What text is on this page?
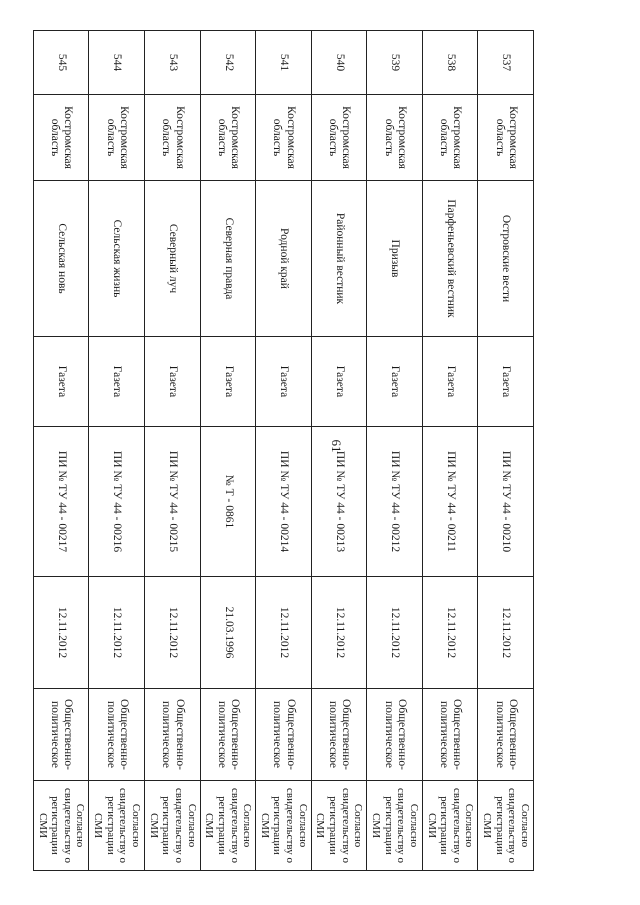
61
537	Костромская область	Островские вести	Газета	ПИ № ТУ 44 - 00210	12.11.2012	Общественно-политическое	Согласно свидетельству о регистрации СМИ
538	Костромская область	Парфеньевский вестник	Газета	ПИ № ТУ 44 - 00211	12.11.2012	Общественно-политическое	Согласно свидетельству о регистрации СМИ
539	Костромская область	Призыв	Газета	ПИ № ТУ 44 - 00212	12.11.2012	Общественно-политическое	Согласно свидетельству о регистрации СМИ
540	Костромская область	Районный вестник	Газета	ПИ № ТУ 44 - 00213	12.11.2012	Общественно-политическое	Согласно свидетельству о регистрации СМИ
541	Костромская область	Родной край	Газета	ПИ № ТУ 44 - 00214	12.11.2012	Общественно-политическое	Согласно свидетельству о регистрации СМИ
542	Костромская область	Северная правда	Газета	№ Т - 0861	21.03.1996	Общественно-политическое	Согласно свидетельству о регистрации СМИ
543	Костромская область	Северный луч	Газета	ПИ № ТУ 44 - 00215	12.11.2012	Общественно-политическое	Согласно свидетельству о регистрации СМИ
544	Костромская область	Сельская жизнь	Газета	ПИ № ТУ 44 - 00216	12.11.2012	Общественно-политическое	Согласно свидетельству о регистрации СМИ
545	Костромская область	Сельская новь	Газета	ПИ № ТУ 44 - 00217	12.11.2012	Общественно-политическое	Согласно свидетельству о регистрации СМИ
